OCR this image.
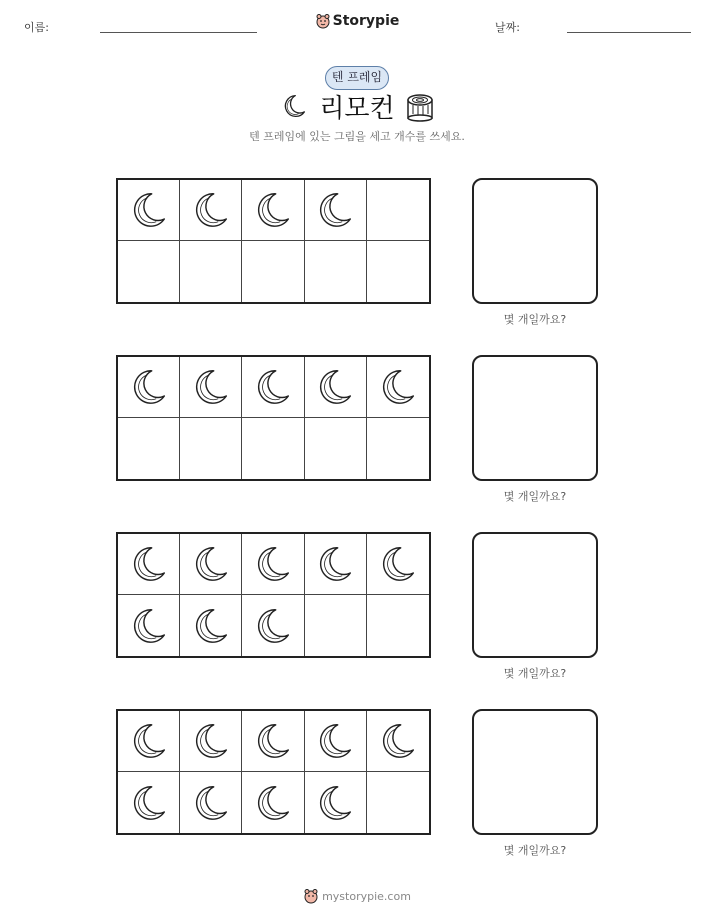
이름:	Storypie	날짜:
텐 프레임
리모컨
텐 프레임에 있는 그림을 세고 개수를 쓰세요.
몇 개일까요?
몇 개일까요?
몇 개일까요?
몇 개일까요?
mystorypie.com
